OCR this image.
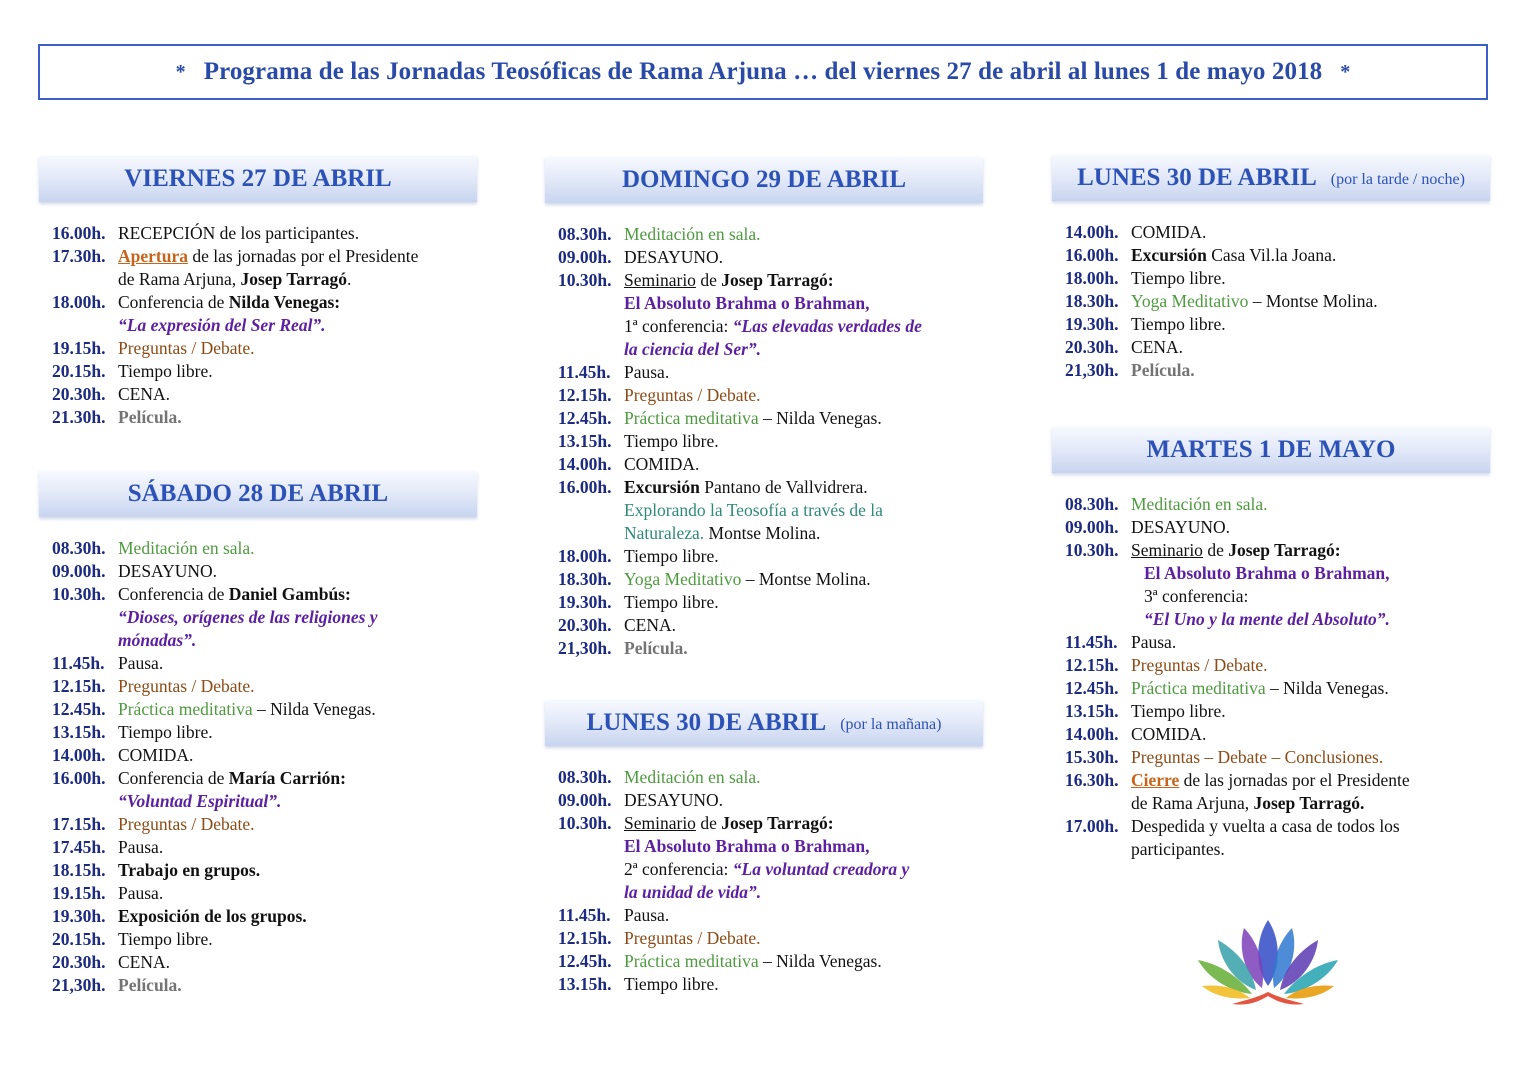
* Programa de las Jornadas Teosóficas de Rama Arjuna … del viernes 27 de abril al lunes 1 de mayo 2018 *
VIERNES 27 DE ABRIL
16.00h. RECEPCIÓN de los participantes.
17.30h. Apertura de las jornadas por el Presidente
de Rama Arjuna, Josep Tarragó.
18.00h. Conferencia de Nilda Venegas:
“La expresión del Ser Real”.
19.15h. Preguntas / Debate.
20.15h. Tiempo libre.
20.30h. CENA.
21.30h. Película.
SÁBADO 28 DE ABRIL
08.30h. Meditación en sala.
09.00h. DESAYUNO.
10.30h. Conferencia de Daniel Gambús:
“Dioses, orígenes de las religiones y
mónadas”.
11.45h. Pausa.
12.15h. Preguntas / Debate.
12.45h. Práctica meditativa – Nilda Venegas.
13.15h. Tiempo libre.
14.00h. COMIDA.
16.00h. Conferencia de María Carrión:
“Voluntad Espiritual”.
17.15h. Preguntas / Debate.
17.45h. Pausa.
18.15h. Trabajo en grupos.
19.15h. Pausa.
19.30h. Exposición de los grupos.
20.15h. Tiempo libre.
20.30h. CENA.
21,30h. Película.
DOMINGO 29 DE ABRIL
08.30h. Meditación en sala.
09.00h. DESAYUNO.
10.30h. Seminario de Josep Tarragó:
El Absoluto Brahma o Brahman,
1ª conferencia: “Las elevadas verdades de
la ciencia del Ser”.
11.45h. Pausa.
12.15h. Preguntas / Debate.
12.45h. Práctica meditativa – Nilda Venegas.
13.15h. Tiempo libre.
14.00h. COMIDA.
16.00h. Excursión Pantano de Vallvidrera.
Explorando la Teosofía a través de la
Naturaleza. Montse Molina.
18.00h. Tiempo libre.
18.30h. Yoga Meditativo – Montse Molina.
19.30h. Tiempo libre.
20.30h. CENA.
21,30h. Película.
LUNES 30 DE ABRIL (por la mañana)
08.30h. Meditación en sala.
09.00h. DESAYUNO.
10.30h. Seminario de Josep Tarragó:
El Absoluto Brahma o Brahman,
2ª conferencia: “La voluntad creadora y
la unidad de vida”.
11.45h. Pausa.
12.15h. Preguntas / Debate.
12.45h. Práctica meditativa – Nilda Venegas.
13.15h. Tiempo libre.
LUNES 30 DE ABRIL (por la tarde / noche)
14.00h. COMIDA.
16.00h. Excursión Casa Vil.la Joana.
18.00h. Tiempo libre.
18.30h. Yoga Meditativo – Montse Molina.
19.30h. Tiempo libre.
20.30h. CENA.
21,30h. Película.
MARTES 1 DE MAYO
08.30h. Meditación en sala.
09.00h. DESAYUNO.
10.30h. Seminario de Josep Tarragó:
El Absoluto Brahma o Brahman,
3ª conferencia:
“El Uno y la mente del Absoluto”.
11.45h. Pausa.
12.15h. Preguntas / Debate.
12.45h. Práctica meditativa – Nilda Venegas.
13.15h. Tiempo libre.
14.00h. COMIDA.
15.30h. Preguntas – Debate – Conclusiones.
16.30h. Cierre de las jornadas por el Presidente
de Rama Arjuna, Josep Tarragó.
17.00h. Despedida y vuelta a casa de todos los
participantes.
